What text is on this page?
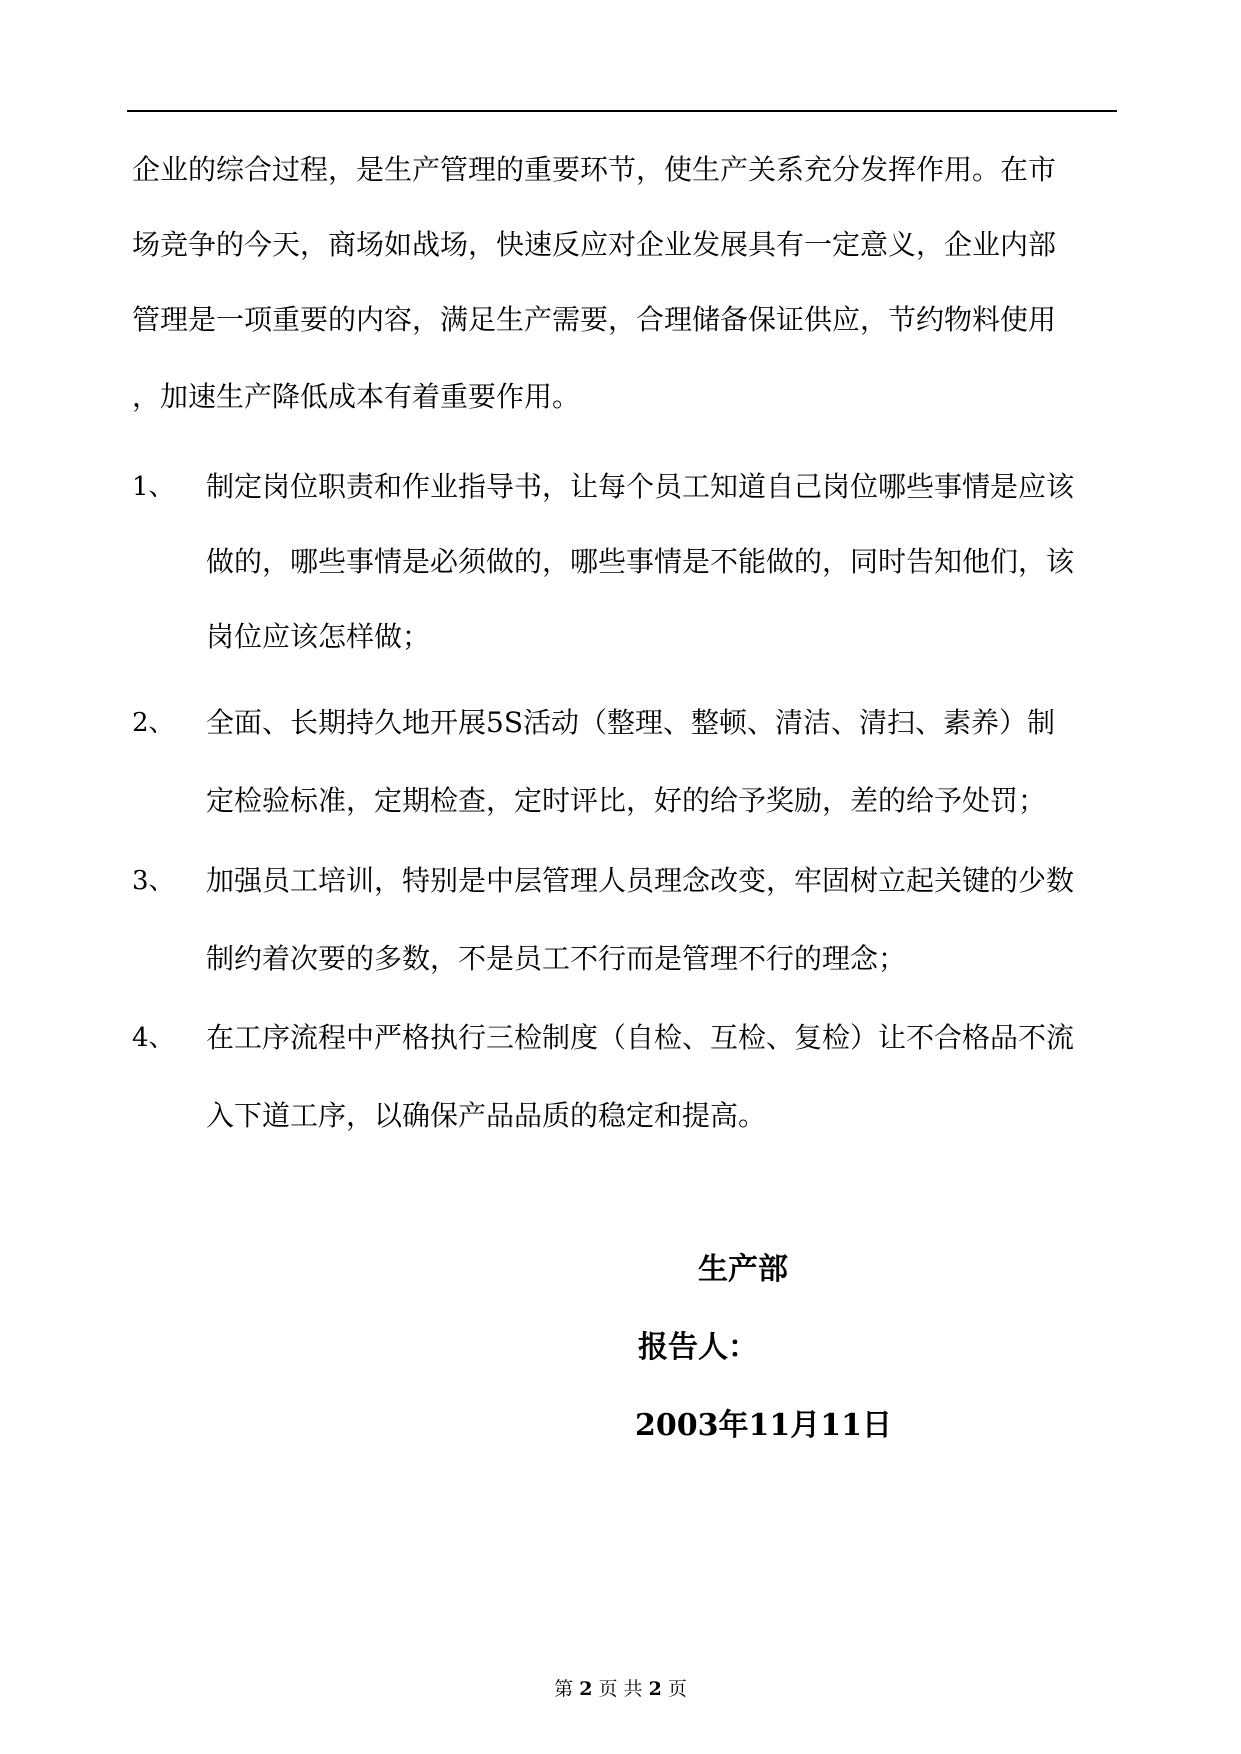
企业的综合过程，是生产管理的重要环节，使生产关系充分发挥作用。在市
场竞争的今天，商场如战场，快速反应对企业发展具有一定意义，企业内部
管理是一项重要的内容，满足生产需要，合理储备保证供应，节约物料使用
，加速生产降低成本有着重要作用。
1、 制定岗位职责和作业指导书，让每个员工知道自己岗位哪些事情是应该
做的，哪些事情是必须做的，哪些事情是不能做的，同时告知他们，该
岗位应该怎样做；
2、 全面、长期持久地开展5S活动（整理、整顿、清洁、清扫、素养）制
定检验标准，定期检查，定时评比，好的给予奖励，差的给予处罚；
3、 加强员工培训，特别是中层管理人员理念改变，牢固树立起关键的少数
制约着次要的多数，不是员工不行而是管理不行的理念；
4、 在工序流程中严格执行三检制度（自检、互检、复检）让不合格品不流
入下道工序，以确保产品品质的稳定和提高。
生产部
报告人：
2003年11月11日
第 2 页 共 2 页
